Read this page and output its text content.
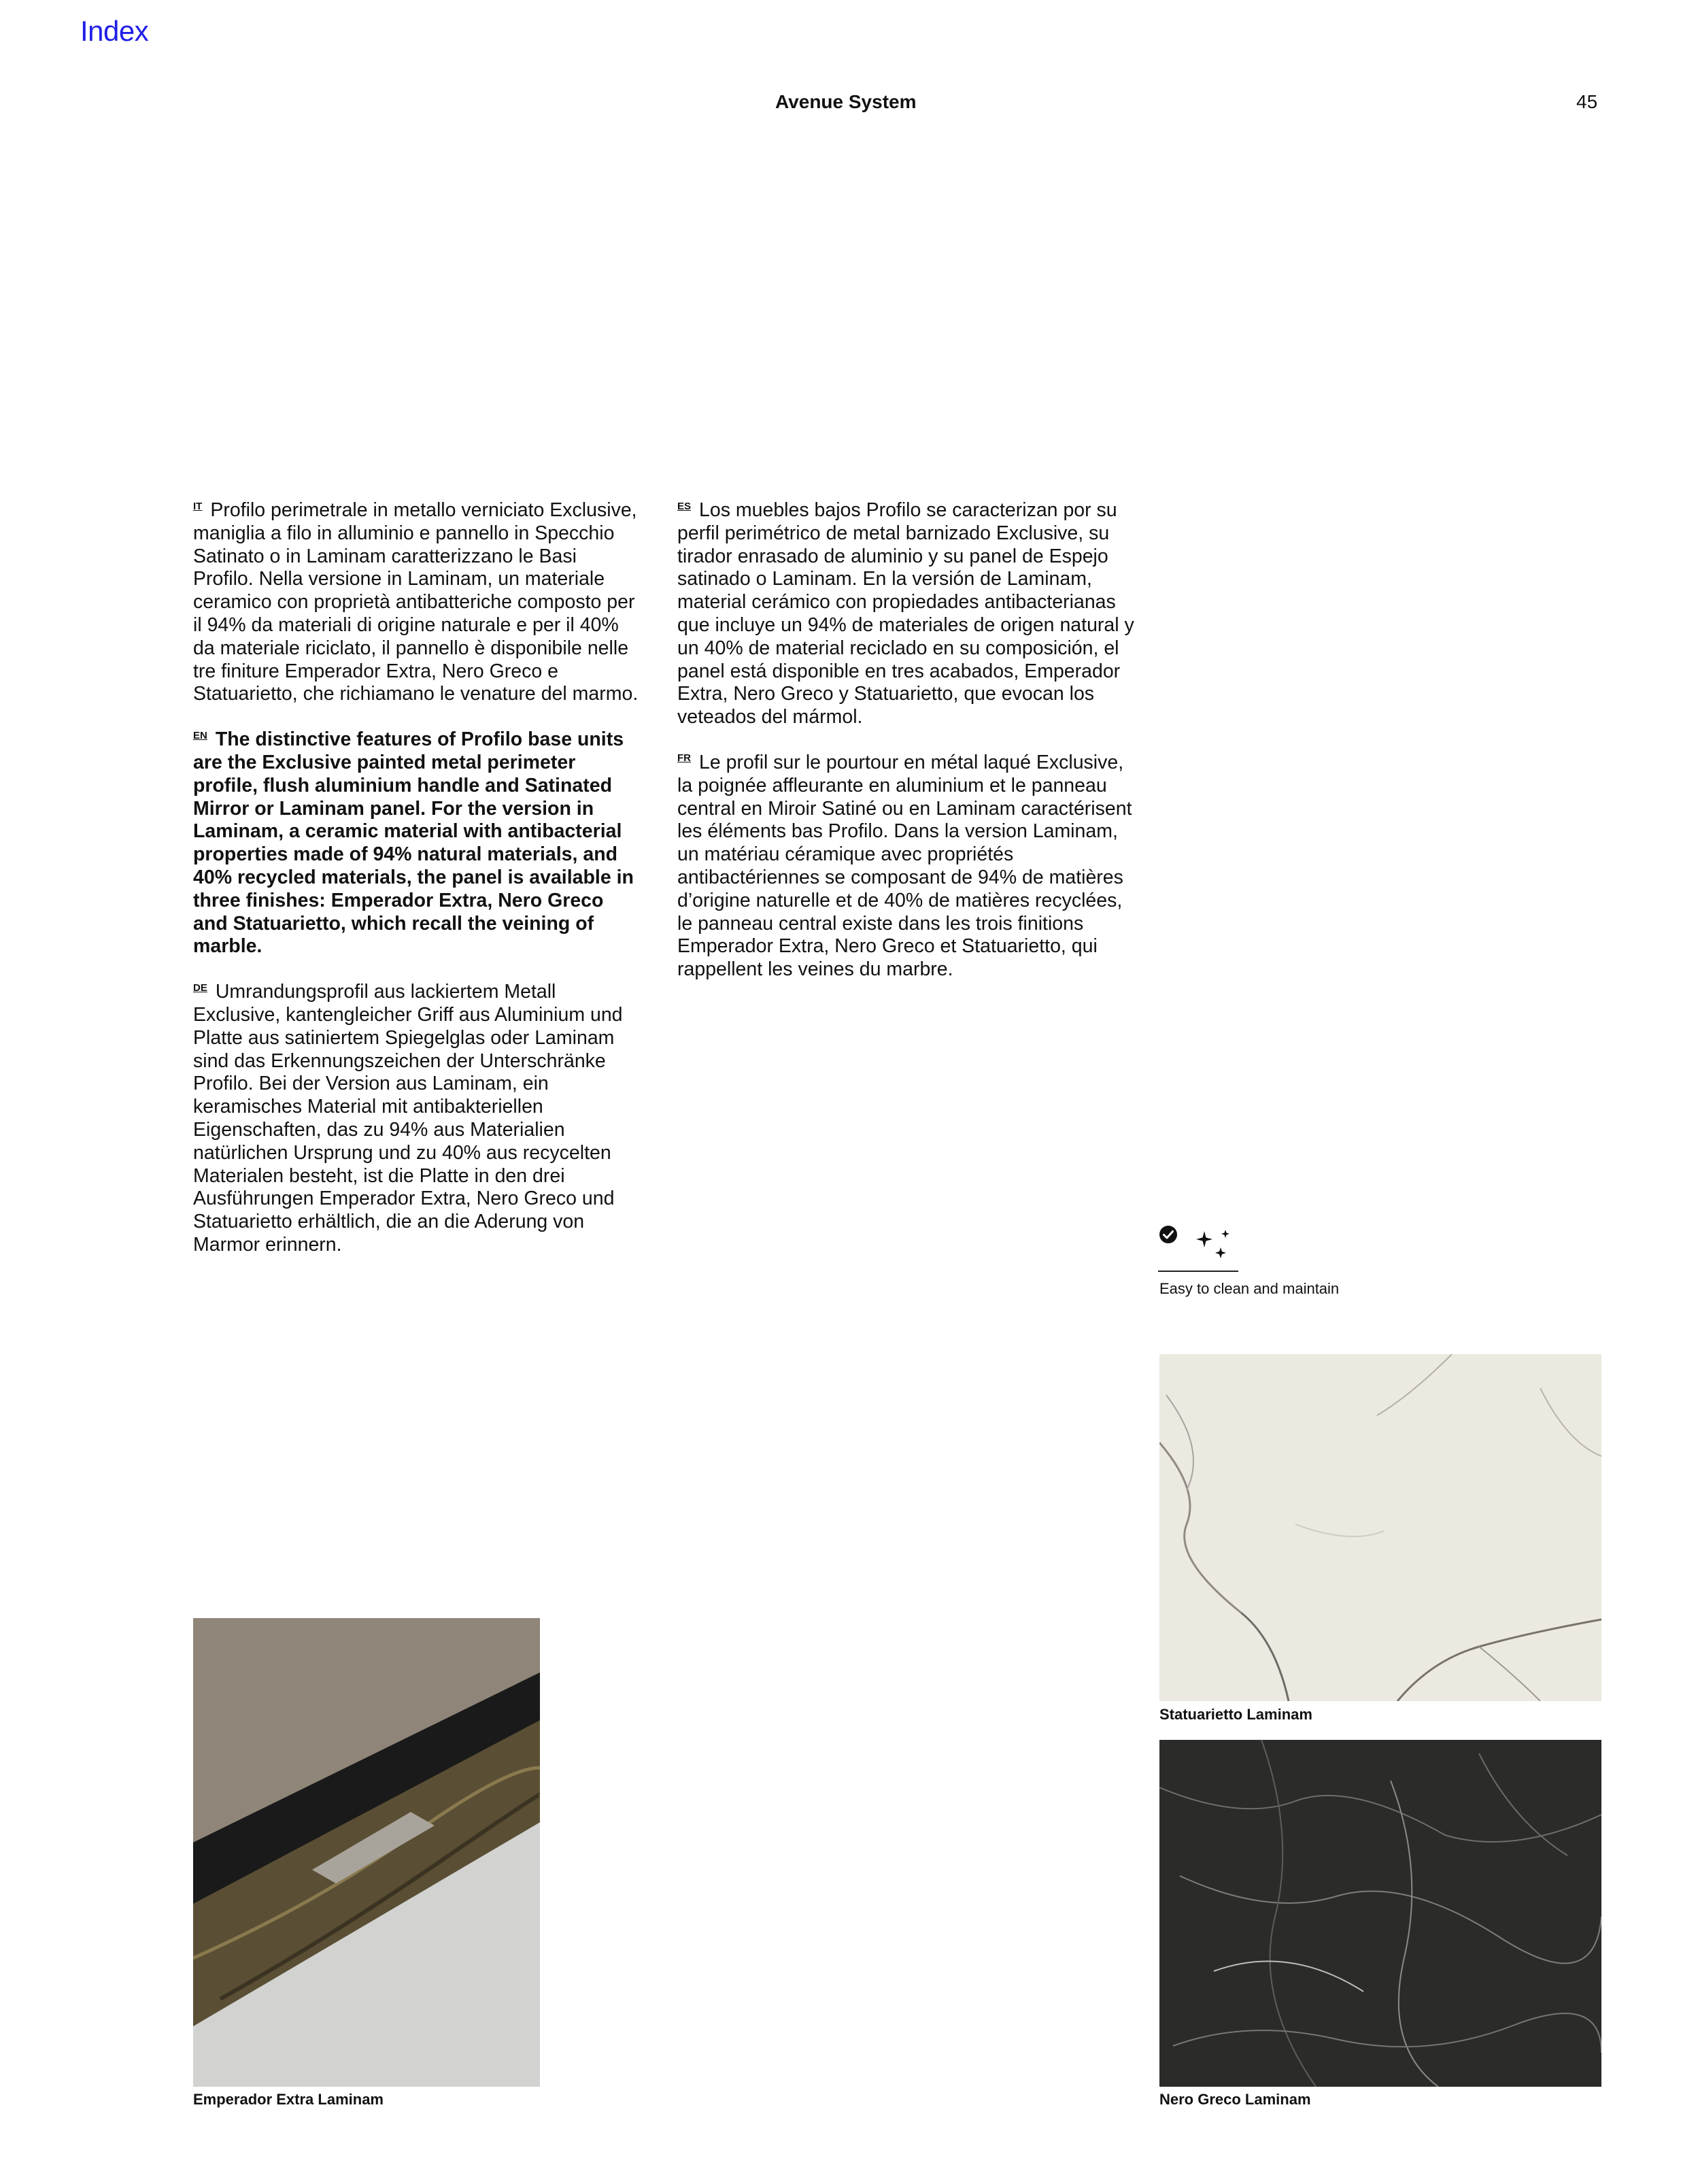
Index
Avenue System	45

$^{IT}$ Profilo perimetrale in metallo verniciato Exclusive, maniglia a filo in alluminio e pannello in Specchio Satinato o in Laminam caratterizzano le Basi Profilo. Nella versione in Laminam, un materiale ceramico con proprietà antibatteriche composto per il 94% da materiali di origine naturale e per il 40% da materiale riciclato, il pannello è disponibile nelle tre finiture Emperador Extra, Nero Greco e Statuarietto, che richiamano le venature del marmo.

$^{EN}$ The distinctive features of Profilo base units are the Exclusive painted metal perimeter profile, flush aluminium handle and Satinated Mirror or Laminam panel. For the version in Laminam, a ceramic material with antibacterial properties made of 94% natural materials, and 40% recycled materials, the panel is available in three finishes: Emperador Extra, Nero Greco and Statuarietto, which recall the veining of marble.

$^{DE}$ Umrandungsprofil aus lackiertem Metall Exclusive, kantengleicher Griff aus Aluminium und Platte aus satiniertem Spiegelglas oder Laminam sind das Erkennungszeichen der Unterschränke Profilo. Bei der Version aus Laminam, ein keramisches Material mit antibakteriellen Eigenschaften, das zu 94% aus Materialien natürlichen Ursprung und zu 40% aus recycelten Materialen besteht, ist die Platte in den drei Ausführungen Emperador Extra, Nero Greco und Statuarietto erhältlich, die an die Aderung von Marmor erinnern.

$^{ES}$ Los muebles bajos Profilo se caracterizan por su perfil perimétrico de metal barnizado Exclusive, su tirador enrasado de aluminio y su panel de Espejo satinado o Laminam. En la versión de Laminam, material cerámico con propiedades antibacterianas que incluye un 94% de materiales de origen natural y un 40% de material reciclado en su composición, el panel está disponible en tres acabados, Emperador Extra, Nero Greco y Statuarietto, que evocan los veteados del mármol.

$^{FR}$ Le profil sur le pourtour en métal laqué Exclusive, la poignée affleurante en aluminium et le panneau central en Miroir Satiné ou en Laminam caractérisent les éléments bas Profilo. Dans la version Laminam, un matériau céramique avec propriétés antibactériennes se composant de 94% de matières d’origine naturelle et de 40% de matières recyclées, le panneau central existe dans les trois finitions Emperador Extra, Nero Greco et Statuarietto, qui rappellent les veines du marbre.

Easy to clean and maintain
Statuarietto Laminam
Nero Greco Laminam
Emperador Extra Laminam
